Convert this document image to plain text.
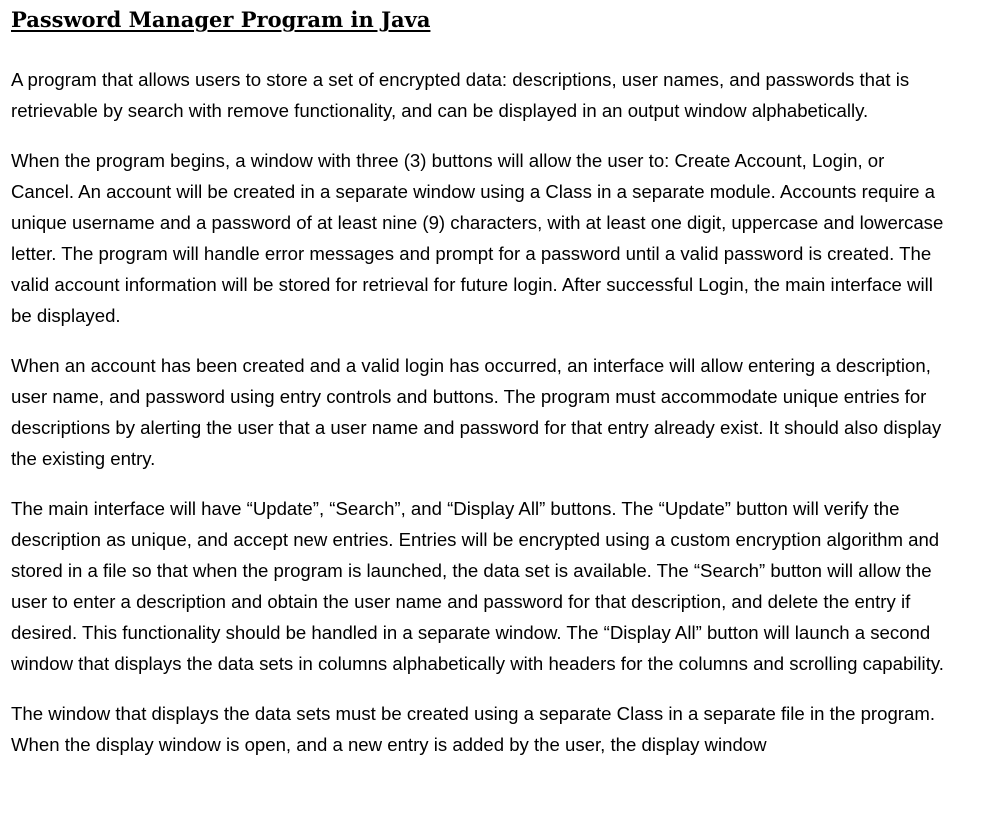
Password Manager Program in Java

A program that allows users to store a set of encrypted data: descriptions, user names, and passwords that is retrievable by search with remove functionality, and can be displayed in an output window alphabetically.

When the program begins, a window with three (3) buttons will allow the user to: Create Account, Login, or Cancel. An account will be created in a separate window using a Class in a separate module. Accounts require a unique username and a password of at least nine (9) characters, with at least one digit, uppercase and lowercase letter. The program will handle error messages and prompt for a password until a valid password is created. The valid account information will be stored for retrieval for future login. After successful Login, the main interface will be displayed.

When an account has been created and a valid login has occurred, an interface will allow entering a description, user name, and password using entry controls and buttons. The program must accommodate unique entries for descriptions by alerting the user that a user name and password for that entry already exist. It should also display the existing entry.

The main interface will have “Update”, “Search”, and “Display All” buttons. The “Update” button will verify the description as unique, and accept new entries. Entries will be encrypted using a custom encryption algorithm and stored in a file so that when the program is launched, the data set is available. The “Search” button will allow the user to enter a description and obtain the user name and password for that description, and delete the entry if desired. This functionality should be handled in a separate window. The “Display All” button will launch a second window that displays the data sets in columns alphabetically with headers for the columns and scrolling capability.

The window that displays the data sets must be created using a separate Class in a separate file in the program. When the display window is open, and a new entry is added by the user, the display window
